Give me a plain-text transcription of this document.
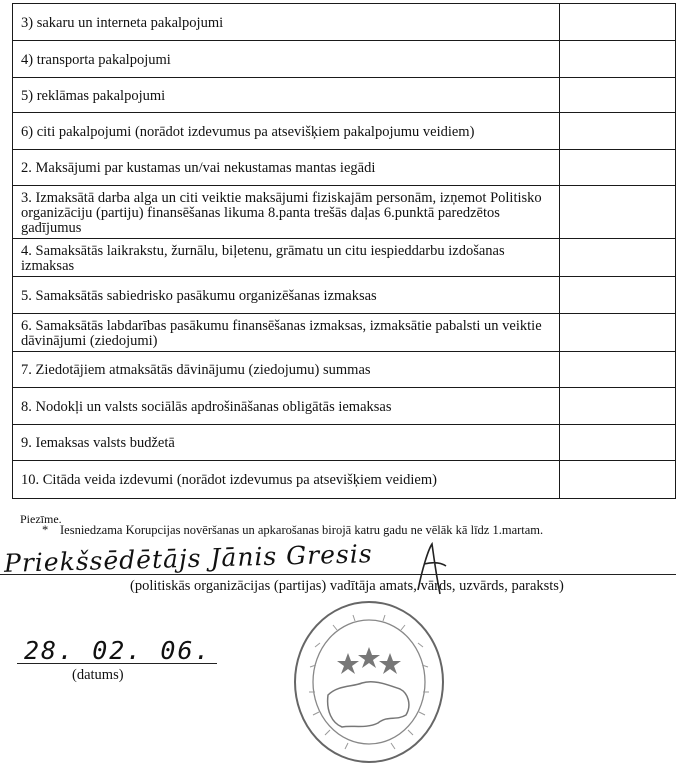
3) sakaru un interneta pakalpojumi	
4) transporta pakalpojumi	
5) reklāmas pakalpojumi	
6) citi pakalpojumi (norādot izdevumus pa atsevišķiem pakalpojumu veidiem)	
2. Maksājumi par kustamas un/vai nekustamas mantas iegādi	
3. Izmaksātā darba alga un citi veiktie maksājumi fiziskajām personām, izņemot Politisko organizāciju (partiju) finansēšanas likuma 8.panta trešās daļas 6.punktā paredzētos gadījumus	
4. Samaksātās laikrakstu, žurnālu, biļetenu, grāmatu un citu iespieddarbu izdošanas izmaksas	
5. Samaksātās sabiedrisko pasākumu organizēšanas izmaksas	
6. Samaksātās labdarības pasākumu finansēšanas izmaksas, izmaksātie pabalsti un veiktie dāvinājumi (ziedojumi)	
7. Ziedotājiem atmaksātās dāvinājumu (ziedojumu) summas	
8. Nodokļi un valsts sociālās apdrošināšanas obligātās iemaksas	
9. Iemaksas valsts budžetā	
10. Citāda veida izdevumi (norādot izdevumus pa atsevišķiem veidiem)	
Piezīme.
* Iesniedzama Korupcijas novēršanas un apkarošanas birojā katru gadu ne vēlāk kā līdz 1.martam.
Priekšsēdētājs Jānis Gresis
(politiskās organizācijas (partijas) vadītāja amats, vārds, uzvārds, paraksts)
28. 02. 06.
(datums)
